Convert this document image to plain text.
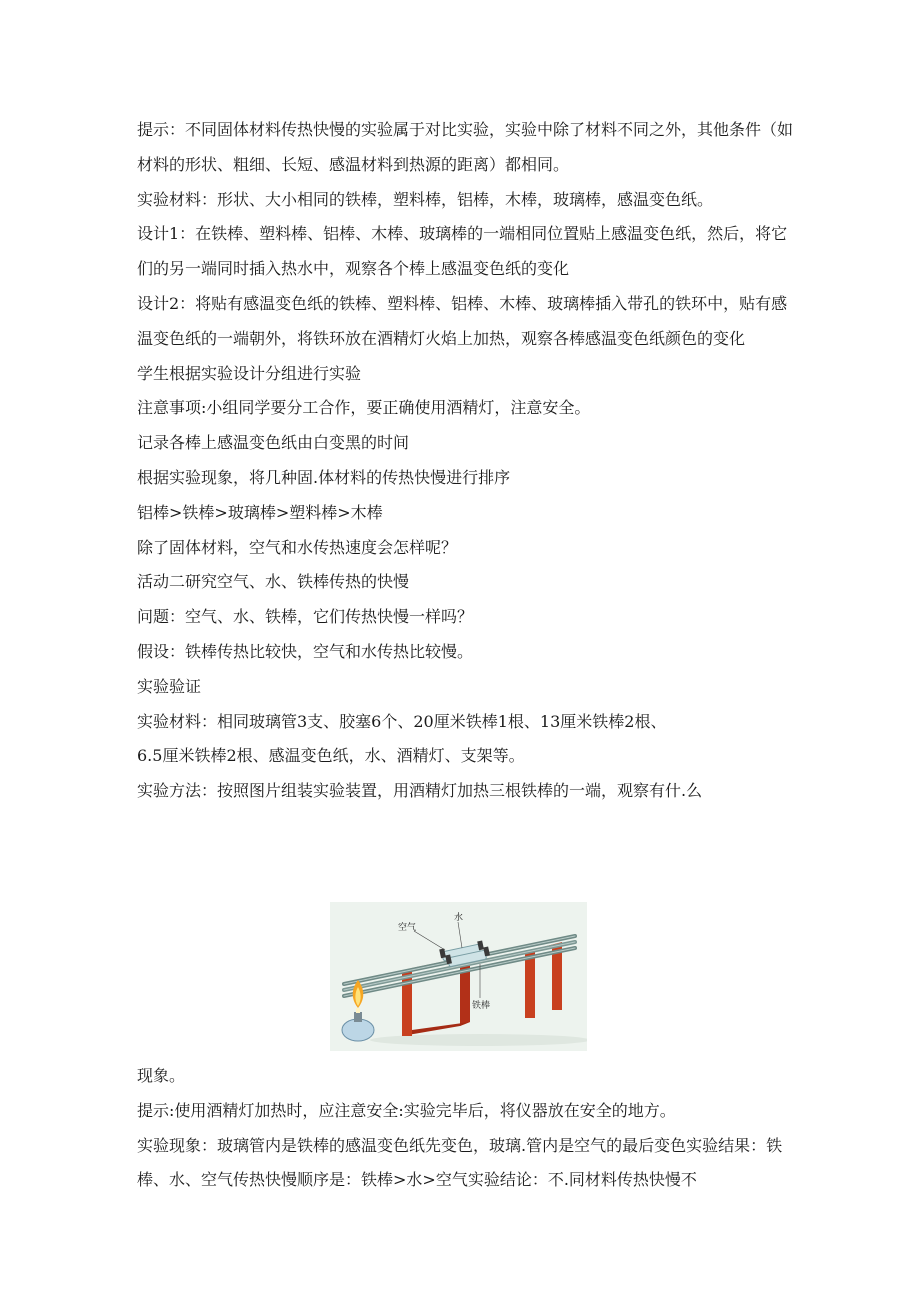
提示：不同固体材料传热快慢的实验属于对比实验，实验中除了材料不同之外，其他条件（如材料的形状、粗细、长短、感温材料到热源的距离）都相同。

实验材料：形状、大小相同的铁棒，塑料棒，铝棒，木棒，玻璃棒，感温变色纸。

设计1：在铁棒、塑料棒、铝棒、木棒、玻璃棒的一端相同位置贴上感温变色纸，然后，将它们的另一端同时插入热水中，观察各个棒上感温变色纸的变化

设计2：将贴有感温变色纸的铁棒、塑料棒、铝棒、木棒、玻璃棒插入带孔的铁环中，贴有感温变色纸的一端朝外，将铁环放在酒精灯火焰上加热，观察各棒感温变色纸颜色的变化

学生根据实验设计分组进行实验

注意事项:小组同学要分工合作，要正确使用酒精灯，注意安全。

记录各棒上感温变色纸由白变黑的时间

根据实验现象，将几种固.体材料的传热快慢进行排序

铝棒>铁棒>玻璃棒>塑料棒>木棒

除了固体材料，空气和水传热速度会怎样呢？

活动二研究空气、水、铁棒传热的快慢

问题：空气、水、铁棒，它们传热快慢一样吗？

假设：铁棒传热比较快，空气和水传热比较慢。

实验验证

实验材料：相同玻璃管3支、胶塞6个、20厘米铁棒1根、13厘米铁棒2根、

6.5厘米铁棒2根、感温变色纸，水、酒精灯、支架等。

实验方法：按照图片组装实验装置，用酒精灯加热三根铁棒的一端，观察有什.么

空气
水
铁棒

现象。

提示:使用酒精灯加热时，应注意安全:实验完毕后，将仪器放在安全的地方。

实验现象：玻璃管内是铁棒的感温变色纸先变色，玻璃.管内是空气的最后变色实验结果：铁棒、水、空气传热快慢顺序是：铁棒>水>空气实验结论：不.同材料传热快慢不
